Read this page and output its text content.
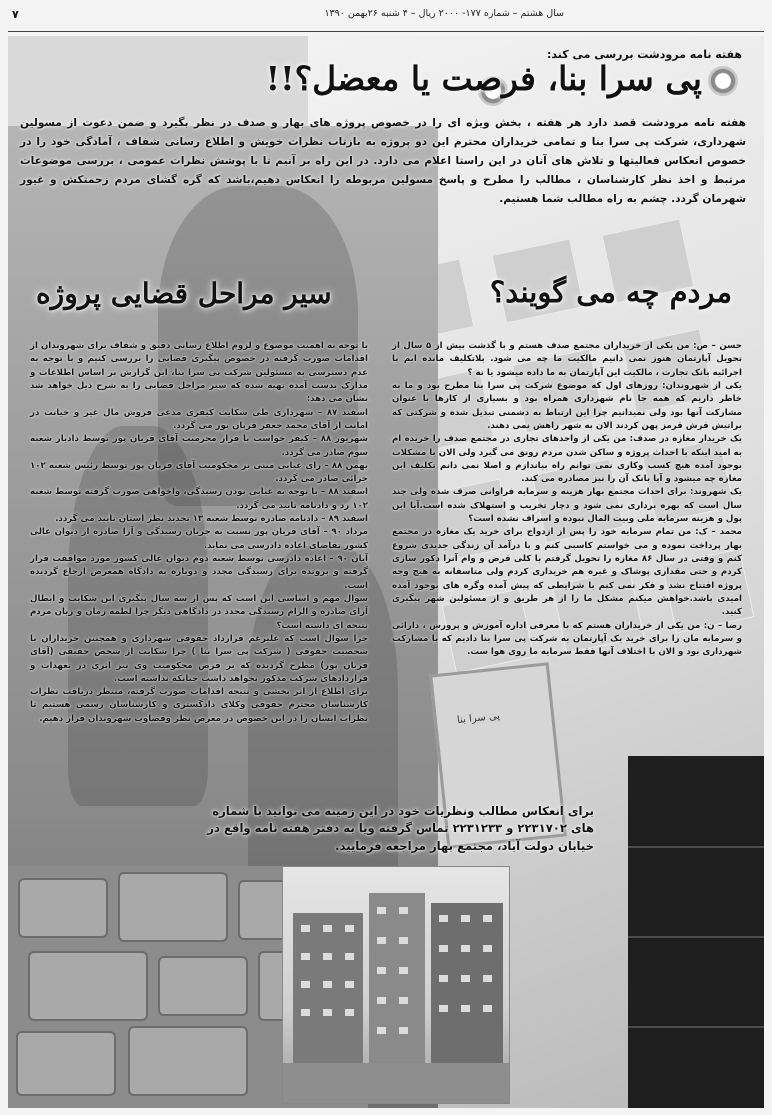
۷	سال هشتم – شماره ۱۷۷- ۲۰۰۰ ریال – ۴ شنبه ۲۶بهمن ۱۳۹۰
پی سرا بنا
هفته نامه مرودشت بررسی می کند:
پی سرا بنا، فرصت یا معضل؟!!

هفته نامه مرودشت قصد دارد هر هفته ، بخش ویژه ای را در خصوص پروژه های بهار و صدف در نظر بگیرد و ضمن دعوت از مسولین شهرداری، شرکت پی سرا بنا و تمامی خریداران محترم این دو پروژه به بازتاب نظرات خویش و اطلاع رسانی شفاف ، آمادگی خود را در خصوص انعکاس فعالیتها و تلاش های آنان در این راستا اعلام می دارد. در این راه بر آنیم تا با پوشش نظرات عمومی ، بررسی موضوعات مرتبط و اخذ نظر کارشناسان ، مطالب را مطرح و پاسخ مسولین مربوطه را انعکاس دهیم،باشد که گره گشای مردم زحمتکش و غیور شهرمان گردد. چشم به راه مطالب شما هستیم.

مردم چه می گویند؟

حسن – ص: من یکی از خریداران مجتمع صدف هستم و با گذشت بیش از ۵ سال از تحویل آپارتمان هنوز نمی دانیم مالکیت ما چه می شود. بلاتکلیف مانده ایم با اجرائیه بانک تجارت ، مالکیت این آپارتمان به ما داده میشود یا نه ؟

یکی از شهروندان: روزهای اول که موضوع شرکت پی سرا بنا مطرح بود و ما به خاطر داریم که همه جا نام شهرداری همراه بود و بسیاری از کارها با عنوان مشارکت آنها بود ولی نمیدانیم چرا این ارتباط به دشمنی تبدیل شده و شرکتی که براتیش فرش قرمز پهن کردند الان به شهر راهش نمی دهند.

یک خریدار مغازه در صدف: من یکی از واحدهای تجاری در مجتمع صدف را خریده ام به امید اینکه با احداث پروژه و ساکن شدن مردم رونق می گیرد ولی الان با مشکلات بوجود آمده هیچ کسب وکاری نمی توانم راه بیاندازم و اصلا نمی دانم تکلیف این مغازه چه میشود و آیا بانک آن را نیز مصادره می کند.

یک شهروند: برای احداث مجتمع بهار هزینه و سرمایه فراوانی صرف شده ولی چند سال است که بهره برداری نمی شود و دچار تخریب و استهلاک شده است.آیا این پول و هزینه سرمایه ملی وبیت المال نبوده و اسراف نشده است؟

محمد – ک: من تمام سرمایه خود را پس از ازدواج برای خرید یک مغازه در مجتمع بهار پرداخت نموده و می خواستم کاسبی کنم و با درآمد آن زندگی جدیدی شروع کنم و وقتی در سال ۸۶ مغازه را تحویل گرفتم با کلی قرض و وام آنرا دکور سازی کردم و حتی مقداری پوشاک و غیره هم خریداری کردم ولی متاسفانه به هیچ وجه پروژه افتتاح نشد و فکر نمی کنم با شرایطی که پیش آمده وگره های بوجود آمده امیدی باشد.خواهش میکنم مشکل ما را از هر طریق و از مسئولین شهر پیگیری کنید.

رضا – ن: من یکی از خریداران هستم که با معرفی اداره آموزش و پرورش ، دارائی و سرمایه مان را برای خرید یک آپارتمان به شرکت پی سرا بنا دادیم که با مشارکت شهرداری بود و الان با اختلاف آنها فقط سرمایه ما روی هوا ست.

سیر مراحل قضایی پروژه

با توجه به اهمیت موضوع و لزوم اطلاع رسانی دقیق و شفاف برای شهروندان از اقدامات صورت گرفته در خصوص پیگیری قضایی را بررسی کنیم و با توجه به عدم دسترسی به مسئولین شرکت پی سرا بنا، این گزارش بر اساس اطلاعات و مدارک بدست آمده تهیه شده که سیر مراحل قضایی را به شرح ذیل خواهد شد نشان می دهد:

اسفند ۸۷ – شهرداری طی شکایت کیفری مدعی فروش مال غیر و خیانت در امانت از آقای محمد جعفر قربان پور می گردد.

شهریور ۸۸ – کیفر خواست با قرار مجرمیت آقای قربان پور توسط دادیار شعبه سوم صادر می گردد.

بهمن ۸۸ – رای غیابی مبنی بر محکومیت آقای قربان پور توسط رئیس شعبه ۱۰۲ جزائی صادر می گردد.

اسفند ۸۸ – با توجه به غیابی بودن رسیدگی، واخواهی صورت گرفته توسط شعبه ۱۰۲ رد و دادنامه تایید می گردد.

اسفند ۸۹ – دادنامه صادره توسط شعبه ۱۳ تجدید نظر استان تایید می گردد.

مرداد ۹۰ – آقای قربان پور نسبت به جریان رسیدگی و آرا صادره از دیوان عالی کشور تقاضای اعاده دادرسی می نماید.

آبان ۹۰ – اعاده دادرسی توسط شعبه دوم دیوان عالی کشور مورد موافقت قرار گرفته و پرونده برای رسیدگی مجدد و دوباره به دادگاه همعرض ارجاع گردیده است.

سوال مهم و اساسی این است که پس از سه سال پیگیری این شکایت و ابطال آرای صادره و الزام رسیدگی مجدد در دادگاهی دیگر چرا لطمه زمان و زیان مردم نتیجه ای داشته است؟

چرا سوال است که علیرغم قرارداد حقوقی شهرداری و همچنین خریداران با شخصیت حقوقی ( شرکت پی سرا بنا ) چرا شکایت از شخص حقیقی (آقای قربان پور) مطرح گردیده که بر فرض محکومیت وی نیز اثری در تعهدات و قراردادهای شرکت مذکور نخواهد داشت چنانکه نداشته است.

برای اطلاع از اثر بخشی و نتیجه اقدامات صورت گرفته، منتظر دریافت نظرات کارشناسان محترم حقوقی وکلای دادگستری و کارشناسان رسمی هستیم تا نظرات ایشان را در این خصوص در معرض نظر وقضاوت شهروندان قرار دهیم.

برای انعکاس مطالب ونظریات خود در این زمینه می توانید با شماره های ۲۲۳۱۷۰۲ و ۲۲۳۱۲۳۳ تماس گرفته ویا به دفتر هفته نامه واقع در خیابان دولت آباد، مجتمع بهار مراجعه فرمایید.
